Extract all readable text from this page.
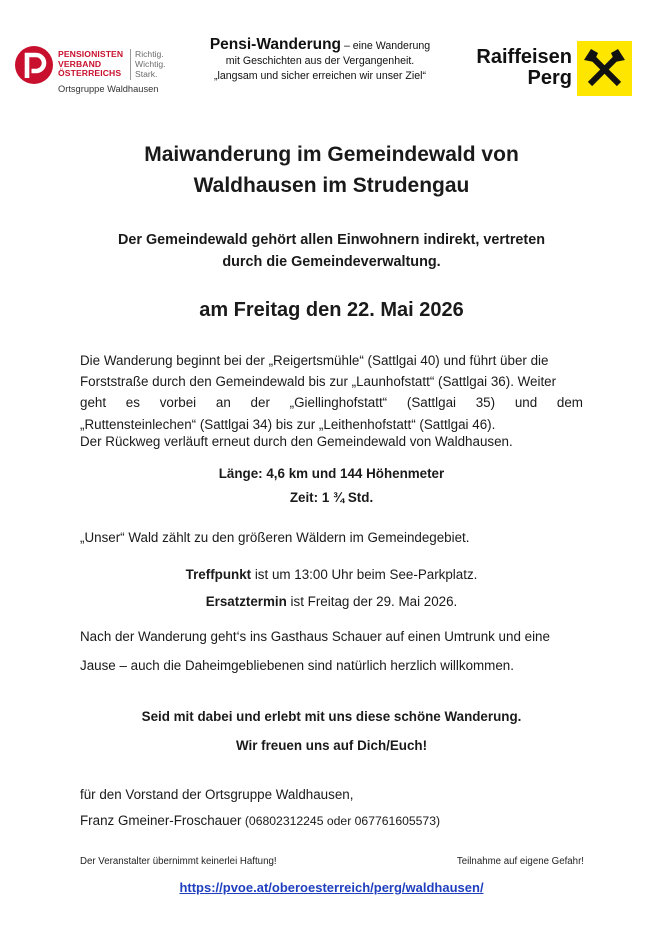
PENSIONISTEN
VERBAND
ÖSTERREICHS
Richtig.
Wichtig.
Stark.
Ortsgruppe Waldhausen
Pensi-Wanderung – eine Wanderung
mit Geschichten aus der Vergangenheit.
„langsam und sicher erreichen wir unser Ziel“
Raiffeisen
Perg
Maiwanderung im Gemeindewald von
Waldhausen im Strudengau
Der Gemeindewald gehört allen Einwohnern indirekt, vertreten
durch die Gemeindeverwaltung.
am Freitag den 22. Mai 2026
Die Wanderung beginnt bei der „Reigertsmühle“ (Sattlgai 40) und führt über die
Forststraße durch den Gemeindewald bis zur „Launhofstatt“ (Sattlgai 36). Weiter
geht es vorbei an der „Giellinghofstatt“ (Sattlgai 35) und dem
„Ruttensteinlechen“ (Sattlgai 34) bis zur „Leithenhofstatt“ (Sattlgai 46).
Der Rückweg verläuft erneut durch den Gemeindewald von Waldhausen.
Länge: 4,6 km und 144 Höhenmeter
Zeit: 1 ¾ Std.
„Unser“ Wald zählt zu den größeren Wäldern im Gemeindegebiet.
Treffpunkt ist um 13:00 Uhr beim See-Parkplatz.
Ersatztermin ist Freitag der 29. Mai 2026.
Nach der Wanderung geht‘s ins Gasthaus Schauer auf einen Umtrunk und eine
Jause – auch die Daheimgebliebenen sind natürlich herzlich willkommen.
Seid mit dabei und erlebt mit uns diese schöne Wanderung.
Wir freuen uns auf Dich/Euch!
für den Vorstand der Ortsgruppe Waldhausen,
Franz Gmeiner-Froschauer (06802312245 oder 067761605573)
Der Veranstalter übernimmt keinerlei Haftung!	Teilnahme auf eigene Gefahr!
https://pvoe.at/oberoesterreich/perg/waldhausen/
